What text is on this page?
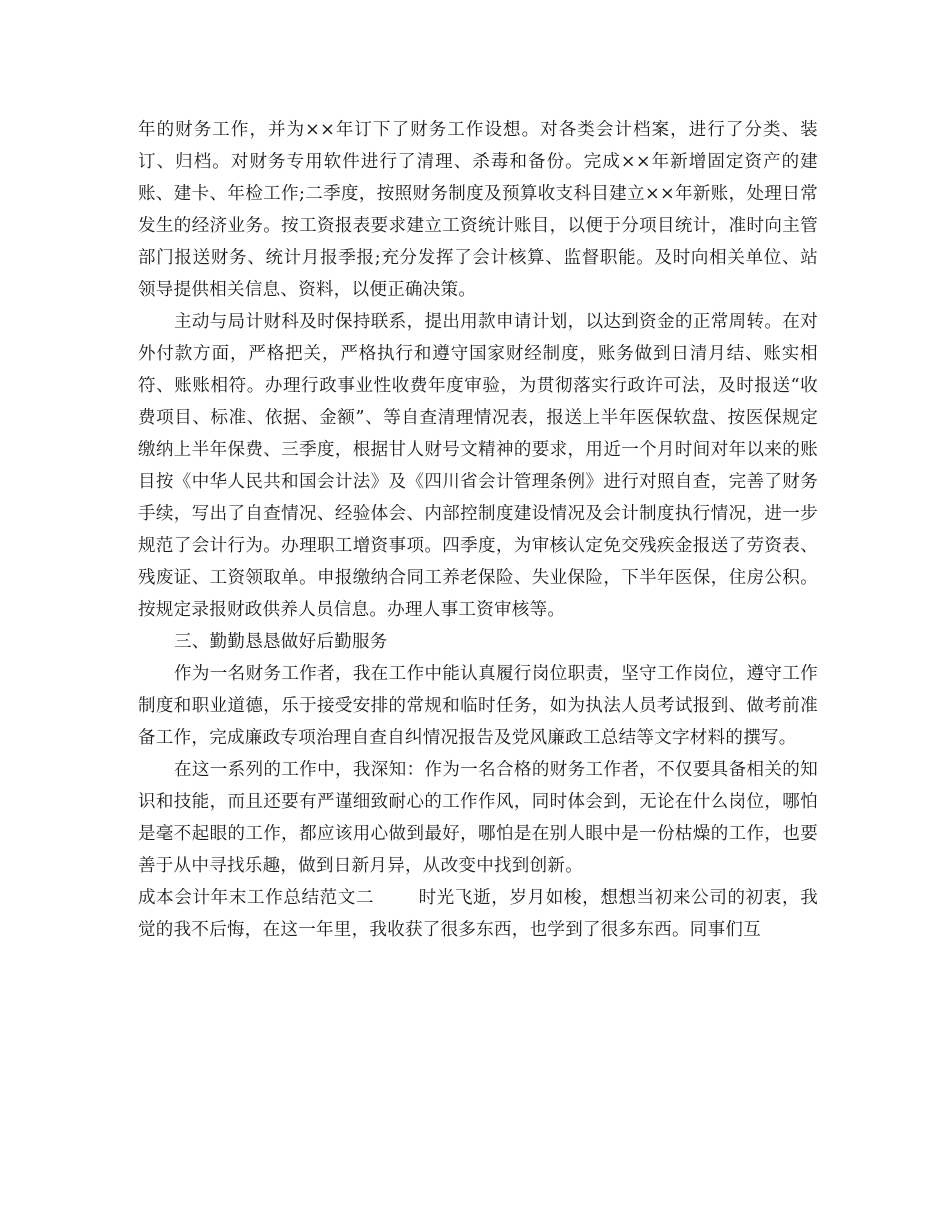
年的财务工作，并为××年订下了财务工作设想。对各类会计档案，进行了分类、装订、归档。对财务专用软件进行了清理、杀毒和备份。完成××年新增固定资产的建账、建卡、年检工作;二季度，按照财务制度及预算收支科目建立××年新账，处理日常发生的经济业务。按工资报表要求建立工资统计账目，以便于分项目统计，准时向主管部门报送财务、统计月报季报;充分发挥了会计核算、监督职能。及时向相关单位、站领导提供相关信息、资料，以便正确决策。

主动与局计财科及时保持联系，提出用款申请计划，以达到资金的正常周转。在对外付款方面，严格把关，严格执行和遵守国家财经制度，账务做到日清月结、账实相符、账账相符。办理行政事业性收费年度审验，为贯彻落实行政许可法，及时报送“收费项目、标准、依据、金额”、等自查清理情况表，报送上半年医保软盘、按医保规定缴纳上半年保费、三季度，根据甘人财号文精神的要求，用近一个月时间对年以来的账目按《中华人民共和国会计法》及《四川省会计管理条例》进行对照自查，完善了财务手续，写出了自查情况、经验体会、内部控制度建设情况及会计制度执行情况，进一步规范了会计行为。办理职工增资事项。四季度，为审核认定免交残疾金报送了劳资表、残废证、工资领取单。申报缴纳合同工养老保险、失业保险，下半年医保，住房公积。按规定录报财政供养人员信息。办理人事工资审核等。

三、勤勤恳恳做好后勤服务

作为一名财务工作者，我在工作中能认真履行岗位职责，坚守工作岗位，遵守工作制度和职业道德，乐于接受安排的常规和临时任务，如为执法人员考试报到、做考前准备工作，完成廉政专项治理自查自纠情况报告及党风廉政工总结等文字材料的撰写。

在这一系列的工作中，我深知：作为一名合格的财务工作者，不仅要具备相关的知识和技能，而且还要有严谨细致耐心的工作作风，同时体会到，无论在什么岗位，哪怕是毫不起眼的工作，都应该用心做到最好，哪怕是在别人眼中是一份枯燥的工作，也要善于从中寻找乐趣，做到日新月异，从改变中找到创新。

成本会计年末工作总结范文二	时光飞逝，岁月如梭，想想当初来公司的初衷，我觉的我不后悔，在这一年里，我收获了很多东西，也学到了很多东西。同事们互
